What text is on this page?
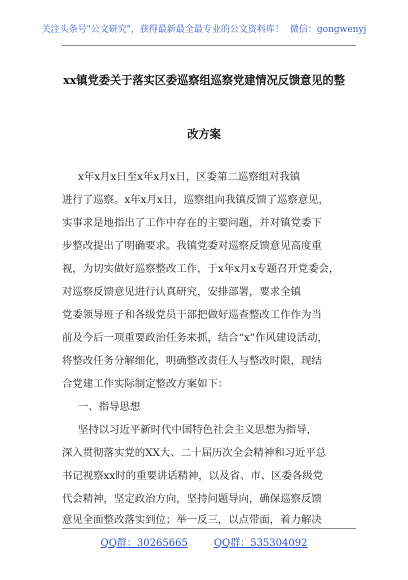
关注头条号"公文研究"，获得最新最全最专业的公文资料库！ 微信：gongwenyj
xx镇党委关于落实区委巡察组巡察党建情况反馈意见的整
改方案
x年x月x日至x年x月x日，区委第二巡察组对我镇
进行了巡察。x年x月x日，巡察组向我镇反馈了巡察意见，
实事求是地指出了工作中存在的主要问题，并对镇党委下
步整改提出了明确要求。我镇党委对巡察反馈意见高度重
视，为切实做好巡察整改工作，于x年x月x专题召开党委会，
对巡察反馈意见进行认真研究，安排部署，要求全镇
党委领导班子和各级党员干部把做好巡查整改工作作为当
前及今后一项重要政治任务来抓，结合“x”作风建设活动，
将整改任务分解细化，明确整改责任人与整改时限，现结
合党建工作实际制定整改方案如下：
一、指导思想
坚持以习近平新时代中国特色社会主义思想为指导，
深入贯彻落实党的XX大、二十届历次全会精神和习近平总
书记视察xx时的重要讲话精神，以及省、市、区委各级党
代会精神，坚定政治方向，坚持问题导向，确保巡察反馈
意见全面整改落实到位；举一反三，以点带面，着力解决
QQ群：30265665	QQ群：535304092
